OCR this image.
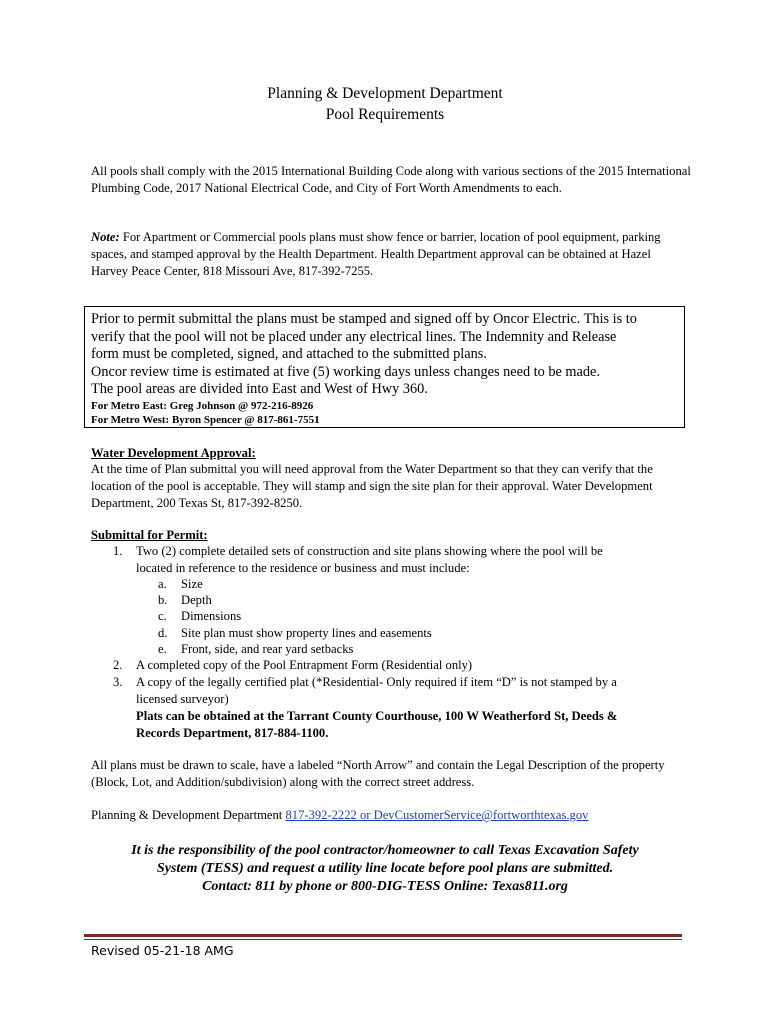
Planning & Development Department
Pool Requirements

All pools shall comply with the 2015 International Building Code along with various sections of the 2015 International Plumbing Code, 2017 National Electrical Code, and City of Fort Worth Amendments to each.

Note: For Apartment or Commercial pools plans must show fence or barrier, location of pool equipment, parking spaces, and stamped approval by the Health Department. Health Department approval can be obtained at Hazel Harvey Peace Center, 818 Missouri Ave, 817-392-7255.

Prior to permit submittal the plans must be stamped and signed off by Oncor Electric. This is to
verify that the pool will not be placed under any electrical lines. The Indemnity and Release
form must be completed, signed, and attached to the submitted plans.
Oncor review time is estimated at five (5) working days unless changes need to be made.
The pool areas are divided into East and West of Hwy 360.
For Metro East: Greg Johnson @ 972-216-8926
For Metro West: Byron Spencer @ 817-861-7551
Water Development Approval:

At the time of Plan submittal you will need approval from the Water Department so that they can verify that the location of the pool is acceptable. They will stamp and sign the site plan for their approval. Water Development Department, 200 Texas St, 817-392-8250.

Submittal for Permit:
1. Two (2) complete detailed sets of construction and site plans showing where the pool will be
located in reference to the residence or business and must include:
a. Size
b. Depth
c. Dimensions
d. Site plan must show property lines and easements
e. Front, side, and rear yard setbacks
2. A completed copy of the Pool Entrapment Form (Residential only)
3. A copy of the legally certified plat (*Residential- Only required if item “D” is not stamped by a
licensed surveyor)
Plats can be obtained at the Tarrant County Courthouse, 100 W Weatherford St, Deeds &
Records Department, 817-884-1100.

All plans must be drawn to scale, have a labeled “North Arrow” and contain the Legal Description of the property (Block, Lot, and Addition/subdivision) along with the correct street address.

Planning & Development Department 817-392-2222 or DevCustomerService@fortworthtexas.gov

It is the responsibility of the pool contractor/homeowner to call Texas Excavation Safety
System (TESS) and request a utility line locate before pool plans are submitted.
Contact: 811 by phone or 800-DIG-TESS Online: Texas811.org
Revised 05-21-18 AMG
